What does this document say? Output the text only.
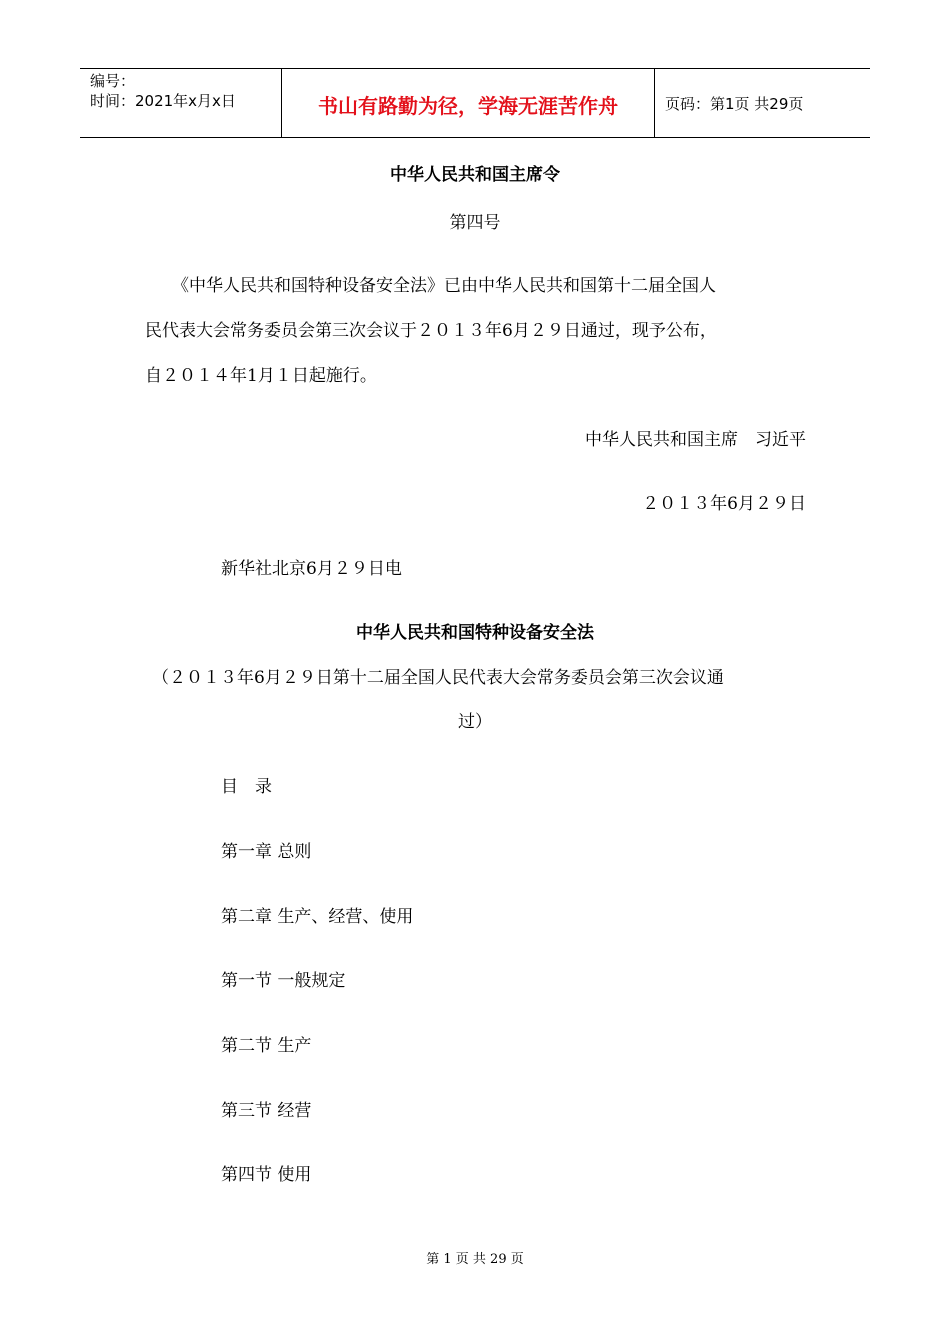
编号：
时间：2021年x月x日	书山有路勤为径，学海无涯苦作舟	页码：第1页 共29页
中华人民共和国主席令
第四号
《中华人民共和国特种设备安全法》已由中华人民共和国第十二届全国人
民代表大会常务委员会第三次会议于２０１３年6月２９日通过，现予公布，
自２０１４年1月１日起施行。
中华人民共和国主席　习近平
２０１３年6月２９日
新华社北京6月２９日电
中华人民共和国特种设备安全法
（２０１３年6月２９日第十二届全国人民代表大会常务委员会第三次会议通
过）
目　录
第一章 总则
第二章 生产、经营、使用
第一节 一般规定
第二节 生产
第三节 经营
第四节 使用
第 1 页 共 29 页
